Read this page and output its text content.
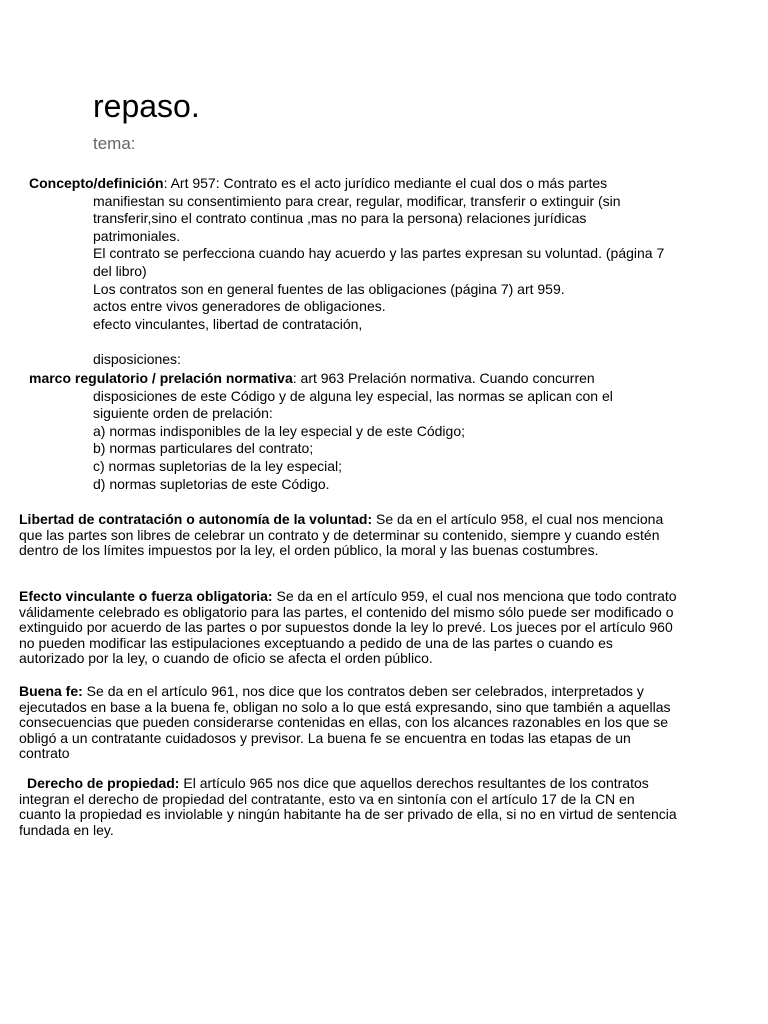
repaso.
tema:
Concepto/definición: Art 957: Contrato es el acto jurídico mediante el cual dos o más partes
manifiestan su consentimiento para crear, regular, modificar, transferir o extinguir (sin
transferir,sino el contrato continua ,mas no para la persona) relaciones jurídicas
patrimoniales.
El contrato se perfecciona cuando hay acuerdo y las partes expresan su voluntad. (página 7
del libro)
Los contratos son en general fuentes de las obligaciones (página 7) art 959.
actos entre vivos generadores de obligaciones.
efecto vinculantes, libertad de contratación,
disposiciones:
marco regulatorio / prelación normativa: art 963 Prelación normativa. Cuando concurren
disposiciones de este Código y de alguna ley especial, las normas se aplican con el
siguiente orden de prelación:
a) normas indisponibles de la ley especial y de este Código;
b) normas particulares del contrato;
c) normas supletorias de la ley especial;
d) normas supletorias de este Código.

Libertad de contratación o autonomía de la voluntad: Se da en el artículo 958, el cual nos menciona que las partes son libres de celebrar un contrato y de determinar su contenido, siempre y cuando estén dentro de los límites impuestos por la ley, el orden público, la moral y las buenas costumbres.

Efecto vinculante o fuerza obligatoria: Se da en el artículo 959, el cual nos menciona que todo contrato válidamente celebrado es obligatorio para las partes, el contenido del mismo sólo puede ser modificado o extinguido por acuerdo de las partes o por supuestos donde la ley lo prevé. Los jueces por el artículo 960 no pueden modificar las estipulaciones exceptuando a pedido de una de las partes o cuando es autorizado por la ley, o cuando de oficio se afecta el orden público.

Buena fe: Se da en el artículo 961, nos dice que los contratos deben ser celebrados, interpretados y ejecutados en base a la buena fe, obligan no solo a lo que está expresando, sino que también a aquellas consecuencias que pueden considerarse contenidas en ellas, con los alcances razonables en los que se obligó a un contratante cuidadosos y previsor. La buena fe se encuentra en todas las etapas de un contrato

Derecho de propiedad: El artículo 965 nos dice que aquellos derechos resultantes de los contratos integran el derecho de propiedad del contratante, esto va en sintonía con el artículo 17 de la CN en cuanto la propiedad es inviolable y ningún habitante ha de ser privado de ella, si no en virtud de sentencia fundada en ley.
